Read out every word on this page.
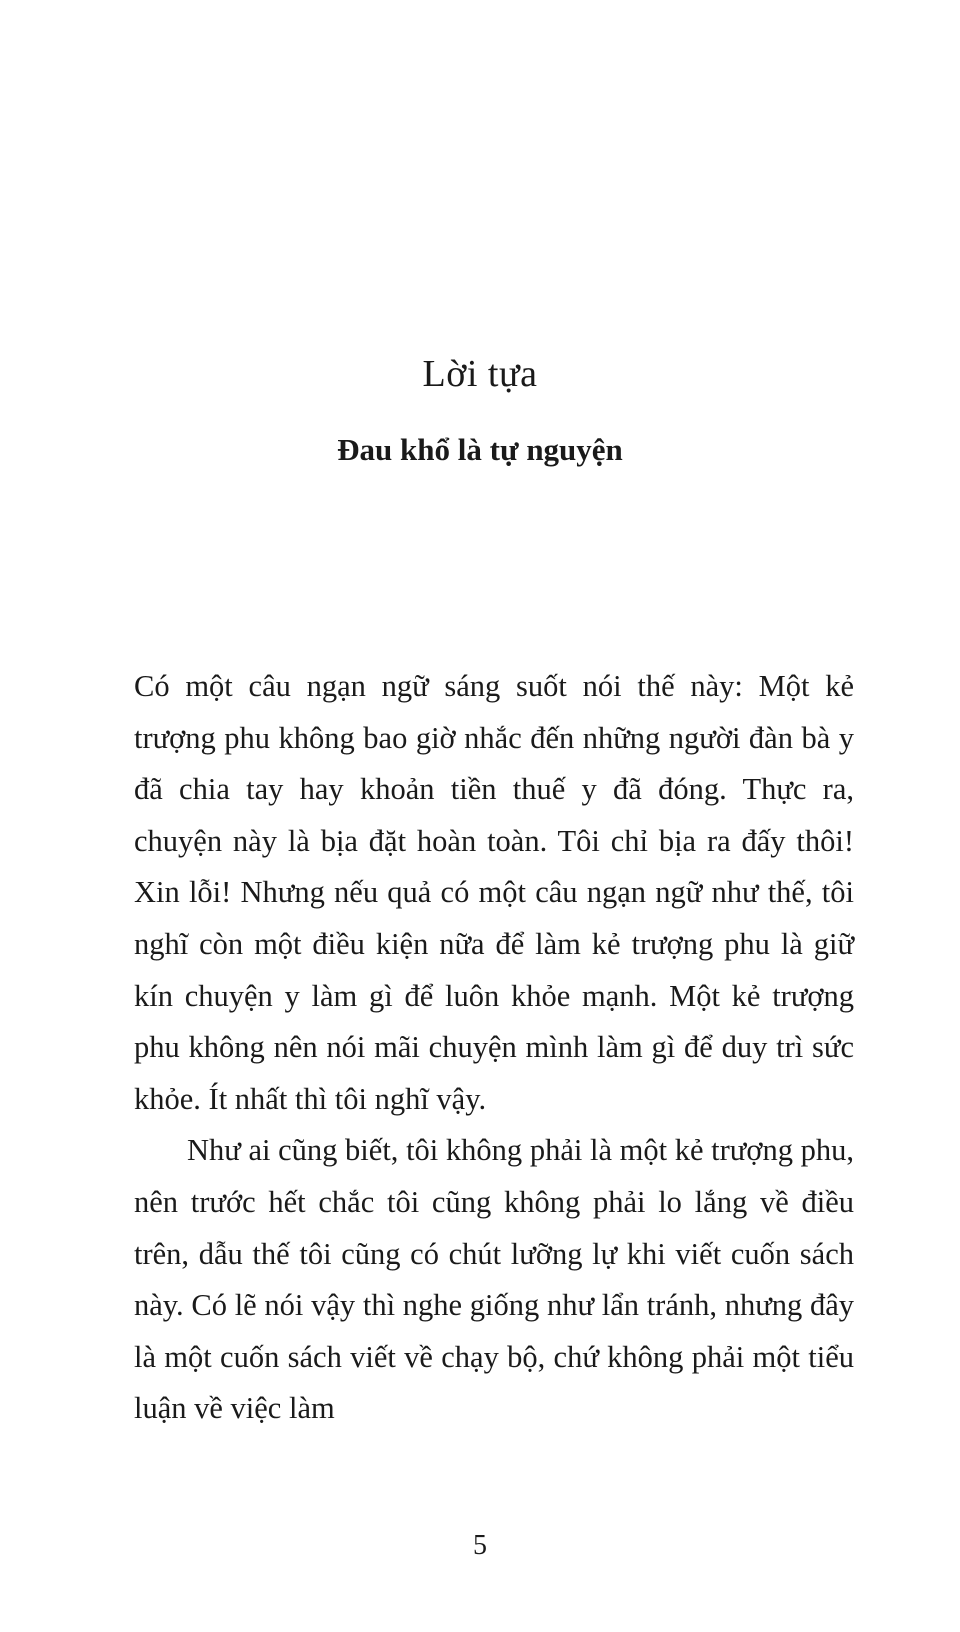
Lời tựa
Đau khổ là tự nguyện

Có một câu ngạn ngữ sáng suốt nói thế này: Một kẻ trượng phu không bao giờ nhắc đến những người đàn bà y đã chia tay hay khoản tiền thuế y đã đóng. Thực ra, chuyện này là bịa đặt hoàn toàn. Tôi chỉ bịa ra đấy thôi! Xin lỗi! Nhưng nếu quả có một câu ngạn ngữ như thế, tôi nghĩ còn một điều kiện nữa để làm kẻ trượng phu là giữ kín chuyện y làm gì để luôn khỏe mạnh. Một kẻ trượng phu không nên nói mãi chuyện mình làm gì để duy trì sức khỏe. Ít nhất thì tôi nghĩ vậy.

Như ai cũng biết, tôi không phải là một kẻ trượng phu, nên trước hết chắc tôi cũng không phải lo lắng về điều trên, dẫu thế tôi cũng có chút lưỡng lự khi viết cuốn sách này. Có lẽ nói vậy thì nghe giống như lẩn tránh, nhưng đây là một cuốn sách viết về chạy bộ, chứ không phải một tiểu luận về việc làm

5
